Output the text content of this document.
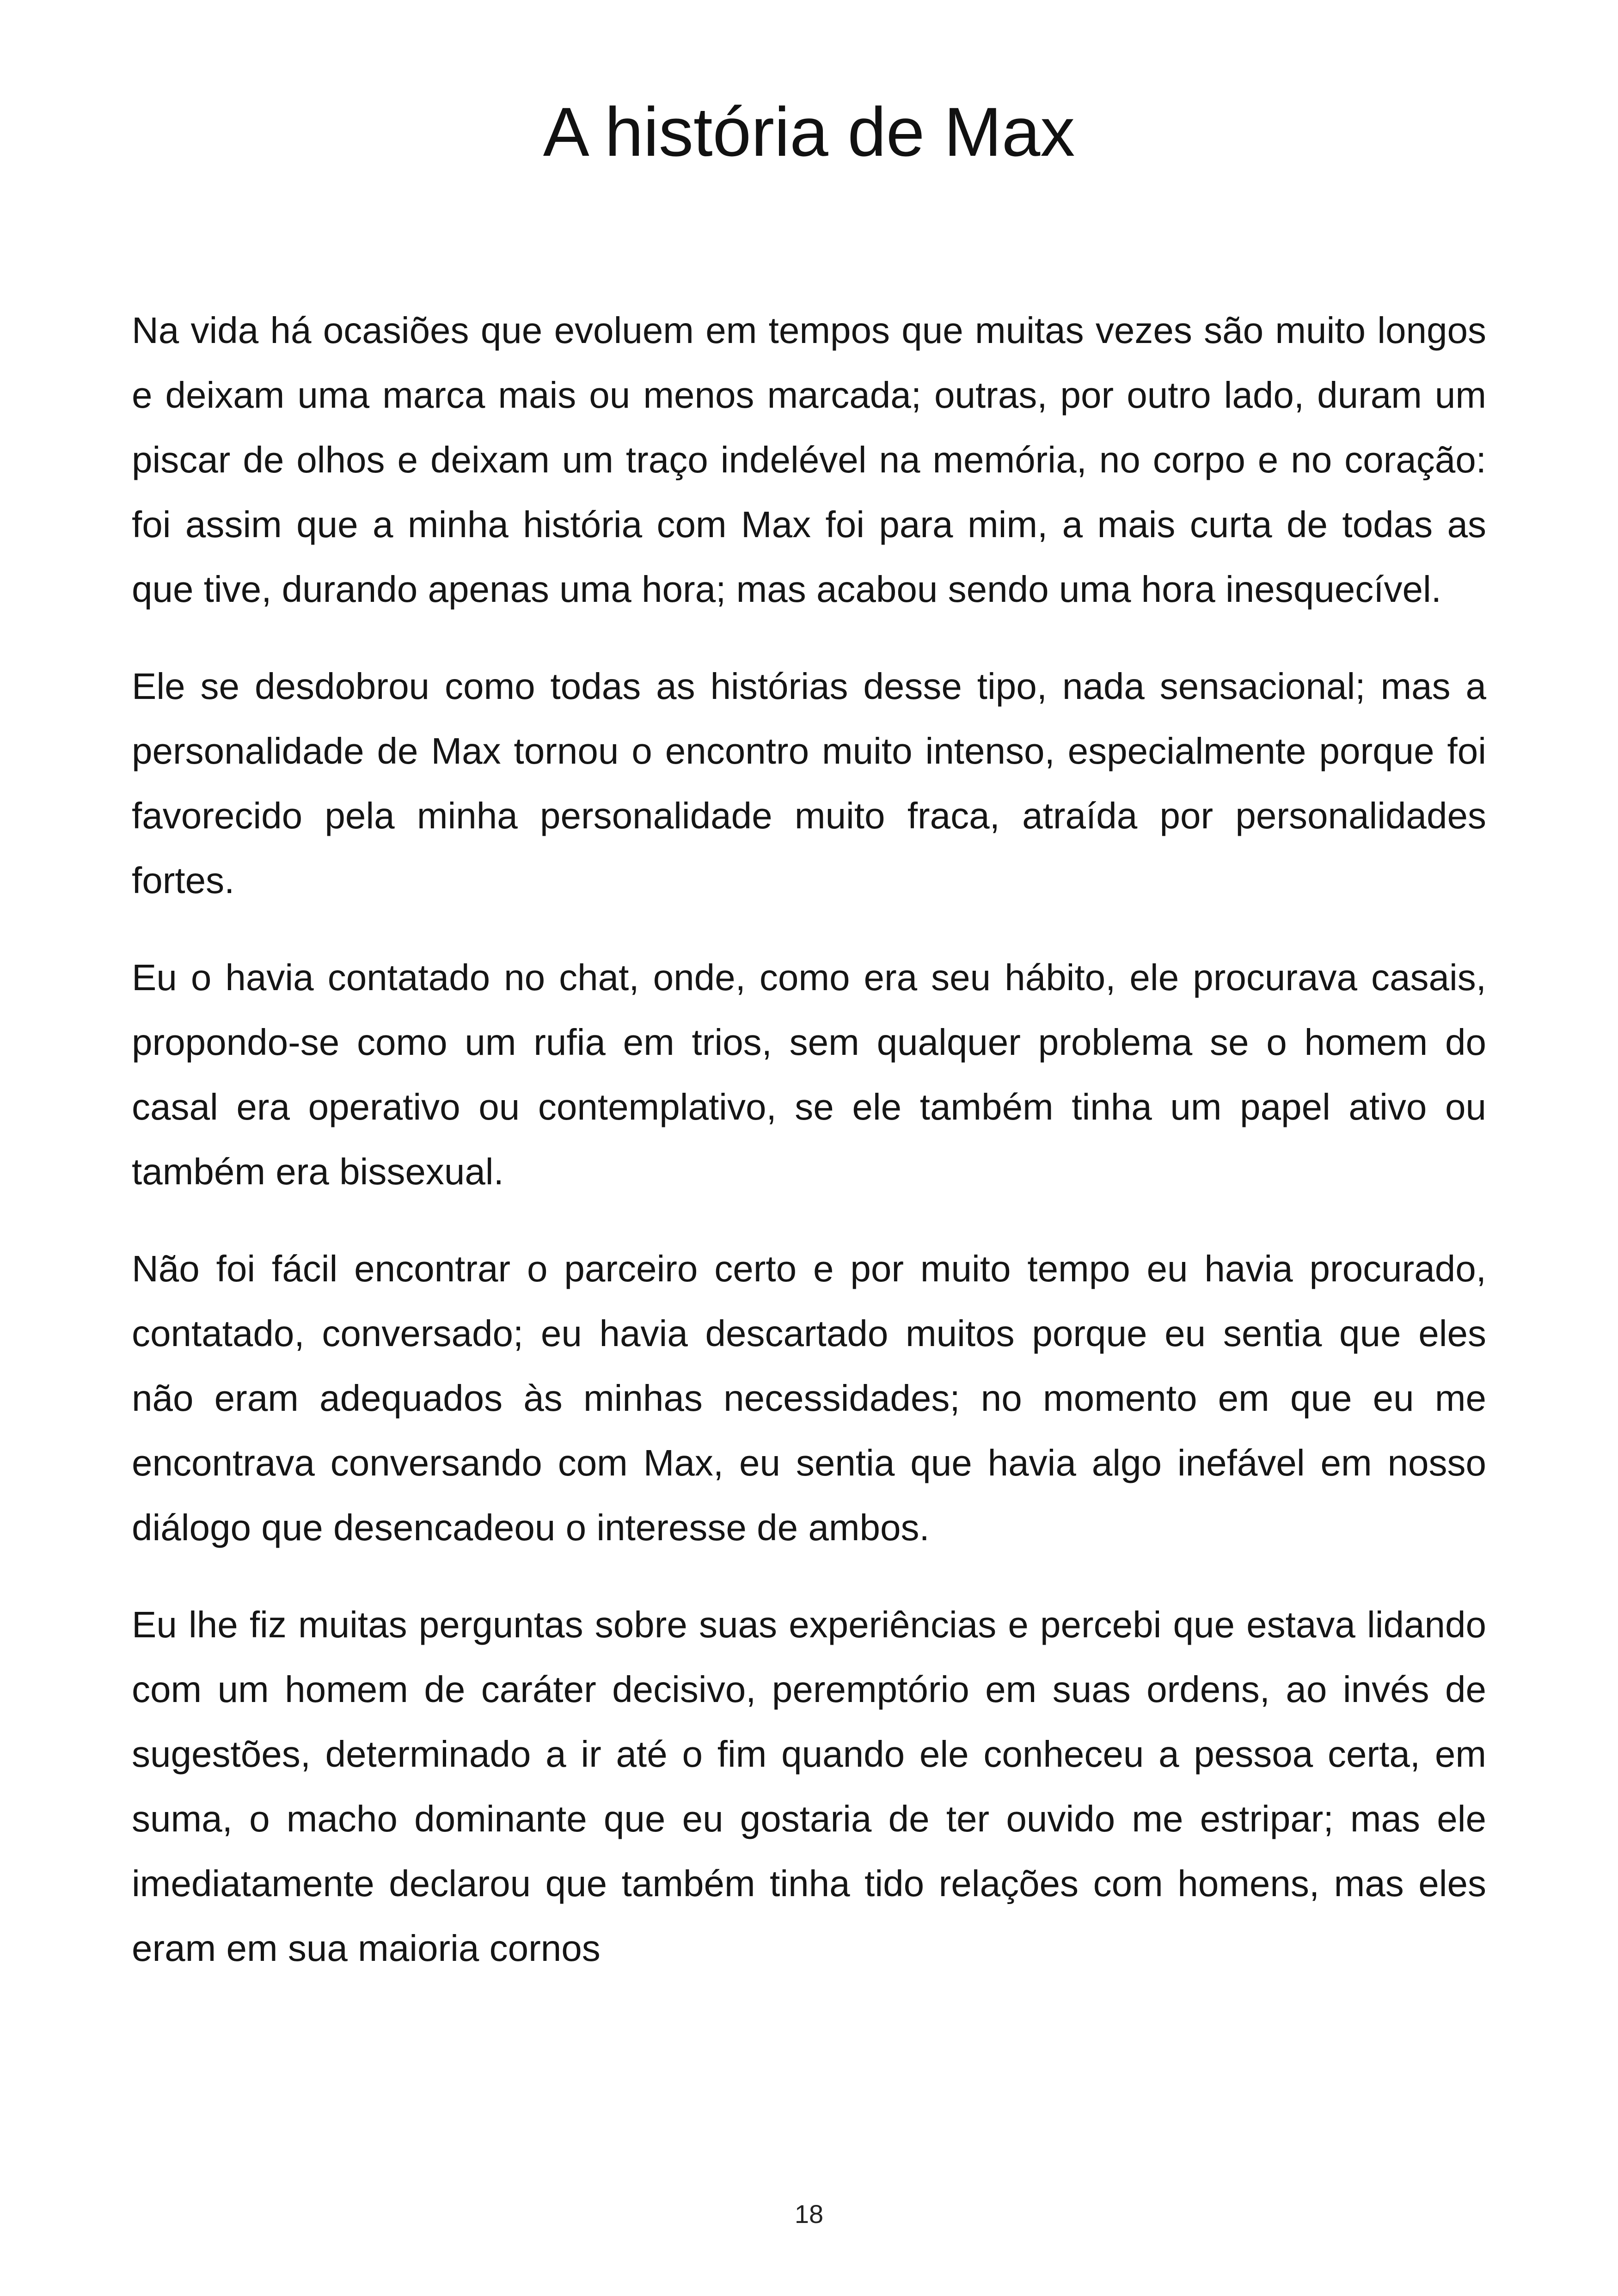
A história de Max

Na vida há ocasiões que evoluem em tempos que muitas vezes são muito longos e deixam uma marca mais ou menos marcada; outras, por outro lado, duram um piscar de olhos e deixam um traço indelével na memória, no corpo e no coração: foi assim que a minha história com Max foi para mim, a mais curta de todas as que tive, durando apenas uma hora; mas acabou sendo uma hora inesquecível.

Ele se desdobrou como todas as histórias desse tipo, nada sensacional; mas a personalidade de Max tornou o encontro muito intenso, especialmente porque foi favorecido pela minha personalidade muito fraca, atraída por personalidades fortes.

Eu o havia contatado no chat, onde, como era seu hábito, ele procurava casais, propondo-se como um rufia em trios, sem qualquer problema se o homem do casal era operativo ou contemplativo, se ele também tinha um papel ativo ou também era bissexual.

Não foi fácil encontrar o parceiro certo e por muito tempo eu havia procurado, contatado, conversado; eu havia descartado muitos porque eu sentia que eles não eram adequados às minhas necessidades; no momento em que eu me encontrava conversando com Max, eu sentia que havia algo inefável em nosso diálogo que desencadeou o interesse de ambos.

Eu lhe fiz muitas perguntas sobre suas experiências e percebi que estava lidando com um homem de caráter decisivo, peremptório em suas ordens, ao invés de sugestões, determinado a ir até o fim quando ele conheceu a pessoa certa, em suma, o macho dominante que eu gostaria de ter ouvido me estripar; mas ele imediatamente declarou que também tinha tido relações com homens, mas eles eram em sua maioria cornos

18
